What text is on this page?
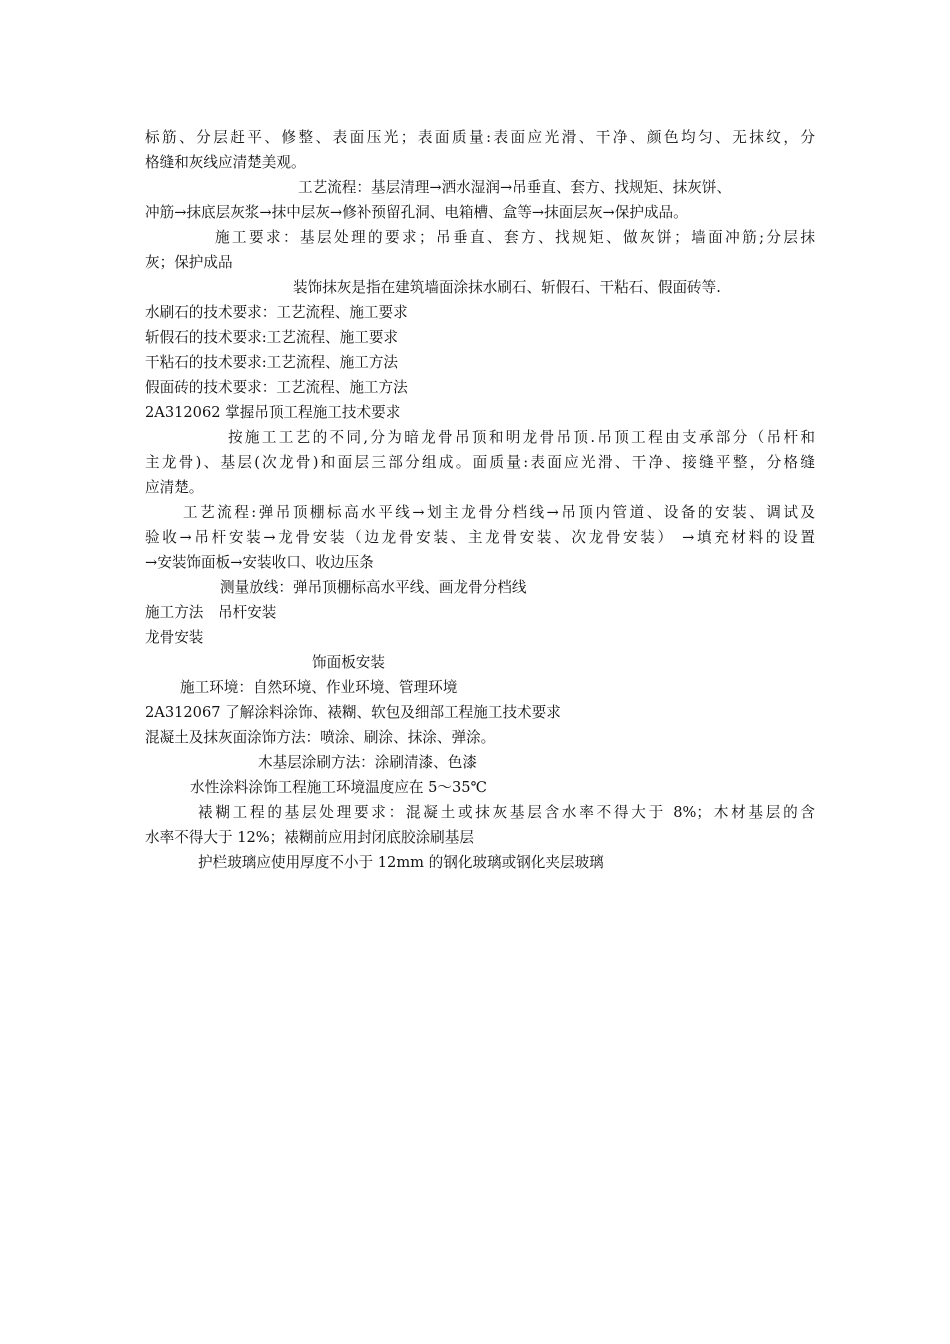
标筋、分层赶平、修整、表面压光；表面质量:表面应光滑、干净、颜色均匀、无抹纹，分
格缝和灰线应清楚美观。
工艺流程：基层清理→洒水湿润→吊垂直、套方、找规矩、抹灰饼、
冲筋→抹底层灰浆→抹中层灰→修补预留孔洞、电箱槽、盒等→抹面层灰→保护成品。
施工要求：基层处理的要求；吊垂直、套方、找规矩、做灰饼；墙面冲筋;分层抹
灰；保护成品
装饰抹灰是指在建筑墙面涂抹水刷石、斩假石、干粘石、假面砖等.
水刷石的技术要求：工艺流程、施工要求
斩假石的技术要求:工艺流程、施工要求
干粘石的技术要求:工艺流程、施工方法
假面砖的技术要求：工艺流程、施工方法
2A312062 掌握吊顶工程施工技术要求
按施工工艺的不同,分为暗龙骨吊顶和明龙骨吊顶.吊顶工程由支承部分（吊杆和
主龙骨)、基层(次龙骨)和面层三部分组成。面质量:表面应光滑、干净、接缝平整，分格缝
应清楚。
工艺流程:弹吊顶棚标高水平线→划主龙骨分档线→吊顶内管道、设备的安装、调试及
验收→吊杆安装→龙骨安装（边龙骨安装、主龙骨安装、次龙骨安装） →填充材料的设置
→安装饰面板→安装收口、收边压条
测量放线：弹吊顶棚标高水平线、画龙骨分档线
施工方法　吊杆安装
龙骨安装
饰面板安装
施工环境：自然环境、作业环境、管理环境
2A312067 了解涂料涂饰、裱糊、软包及细部工程施工技术要求
混凝土及抹灰面涂饰方法：喷涂、刷涂、抹涂、弹涂。
木基层涂刷方法：涂刷清漆、色漆
水性涂料涂饰工程施工环境温度应在 5～35℃
裱糊工程的基层处理要求：混凝土或抹灰基层含水率不得大于 8%；木材基层的含
水率不得大于 12%；裱糊前应用封闭底胶涂刷基层
护栏玻璃应使用厚度不小于 12mm 的钢化玻璃或钢化夹层玻璃
